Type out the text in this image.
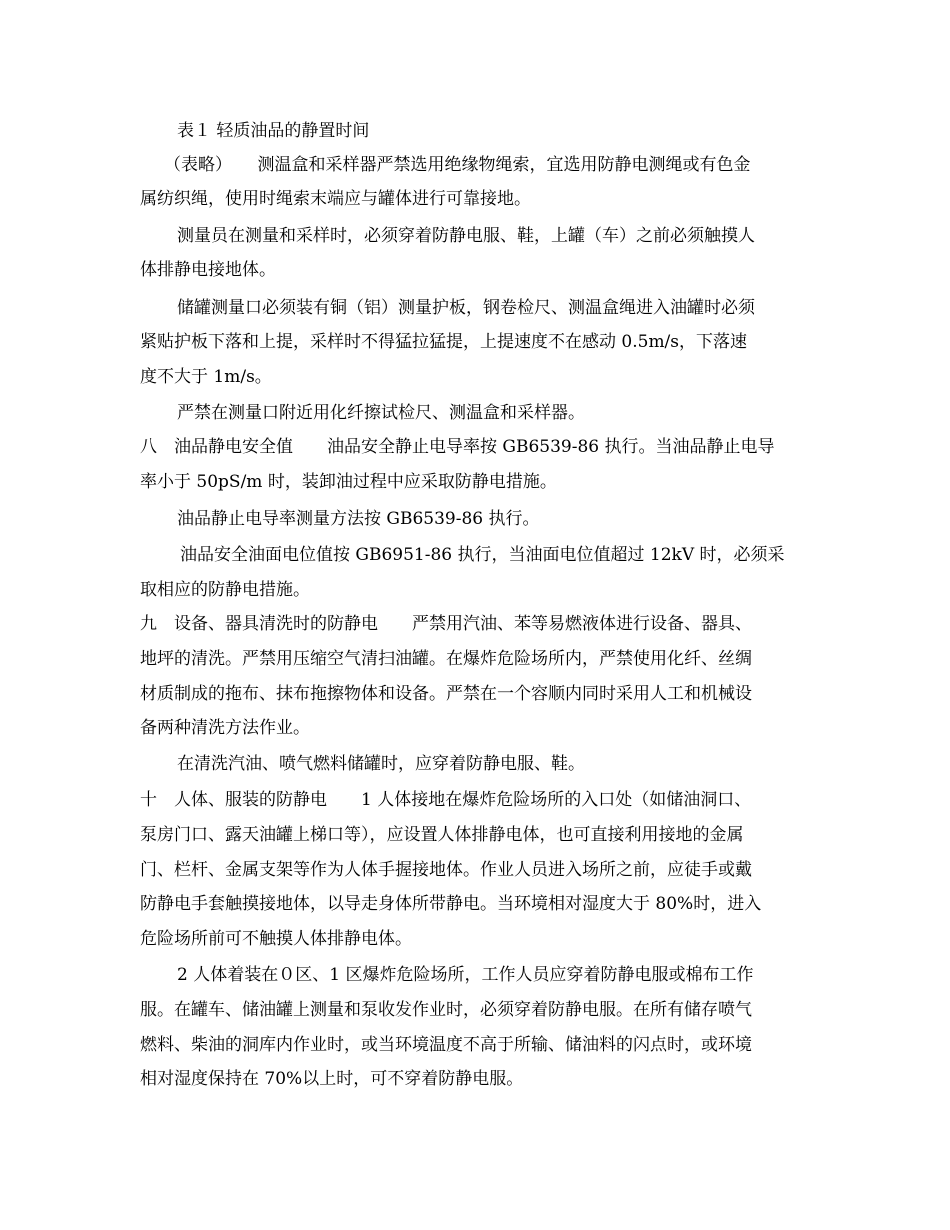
表１ 轻质油品的静置时间

（表略）　　测温盒和采样器严禁选用绝缘物绳索，宜选用防静电测绳或有色金

属纺织绳，使用时绳索末端应与罐体进行可靠接地。

测量员在测量和采样时，必须穿着防静电服、鞋，上罐（车）之前必须触摸人

体排静电接地体。

储罐测量口必须装有铜（铝）测量护板，钢卷检尺、测温盒绳进入油罐时必须

紧贴护板下落和上提，采样时不得猛拉猛提，上提速度不在感动 0.5m/s，下落速

度不大于 1m/s。

严禁在测量口附近用化纤擦试检尺、测温盒和采样器。

八　油品静电安全值　　油品安全静止电导率按 GB6539-86 执行。当油品静止电导

率小于 50pS/m 时，装卸油过程中应采取防静电措施。

油品静止电导率测量方法按 GB6539-86 执行。

油品安全油面电位值按 GB6951-86 执行，当油面电位值超过 12kV 时，必须采

取相应的防静电措施。

九　设备、器具清洗时的防静电　　严禁用汽油、苯等易燃液体进行设备、器具、

地坪的清洗。严禁用压缩空气清扫油罐。在爆炸危险场所内，严禁使用化纤、丝绸

材质制成的拖布、抹布拖擦物体和设备。严禁在一个容顺内同时采用人工和机械设

备两种清洗方法作业。

在清洗汽油、喷气燃料储罐时，应穿着防静电服、鞋。

十　人体、服装的防静电　　1 人体接地在爆炸危险场所的入口处（如储油洞口、

泵房门口、露天油罐上梯口等），应设置人体排静电体，也可直接利用接地的金属

门、栏杆、金属支架等作为人体手握接地体。作业人员进入场所之前，应徒手或戴

防静电手套触摸接地体，以导走身体所带静电。当环境相对湿度大于 80%时，进入

危险场所前可不触摸人体排静电体。

2 人体着装在０区、1 区爆炸危险场所，工作人员应穿着防静电服或棉布工作

服。在罐车、储油罐上测量和泵收发作业时，必须穿着防静电服。在所有储存喷气

燃料、柴油的洞库内作业时，或当环境温度不高于所输、储油料的闪点时，或环境

相对湿度保持在 70%以上时，可不穿着防静电服。
